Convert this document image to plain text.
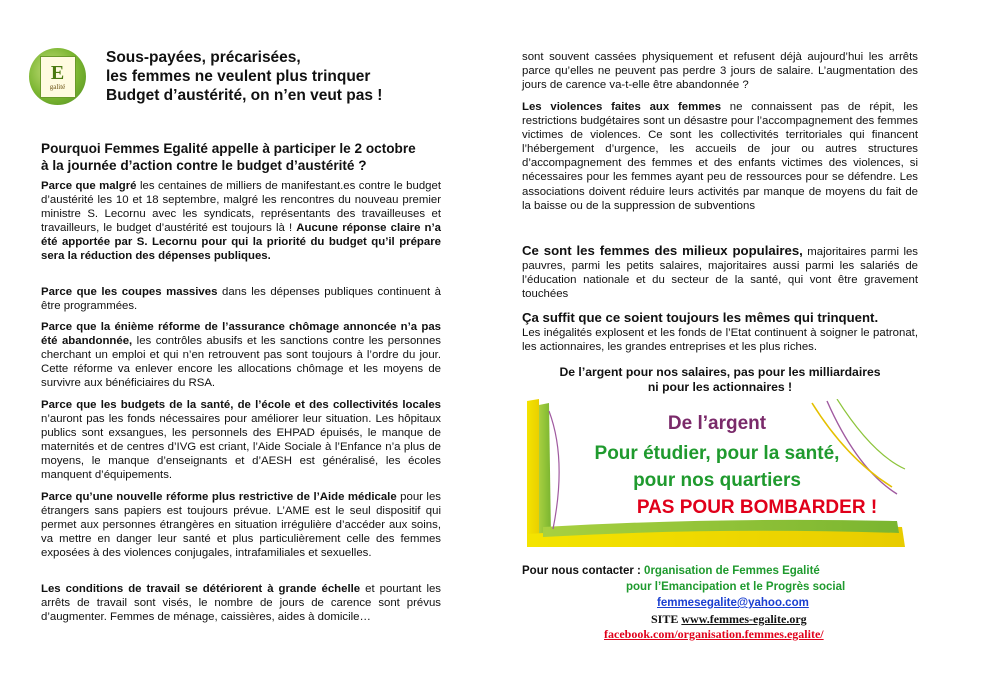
E
galité
Sous-payées, précarisées,
les femmes ne veulent plus trinquer
Budget d’austérité, on n’en veut pas !
Pourquoi Femmes Egalité appelle à participer le 2 octobre
à la journée d’action contre le budget d’austérité ?

Parce que malgré les centaines de milliers de manifestant.es contre le budget d’austérité les 10 et 18 septembre, malgré les rencontres du nouveau premier ministre S. Lecornu avec les syndicats, représentants des travailleuses et travailleurs, le budget d’austérité est toujours là ! Aucune réponse claire n’a été apportée par S. Lecornu pour qui la priorité du budget qu’il prépare sera la réduction des dépenses publiques.

Parce que les coupes massives dans les dépenses publiques continuent à être programmées.

Parce que la énième réforme de l’assurance chômage annoncée n’a pas été abandonnée, les contrôles abusifs et les sanctions contre les personnes cherchant un emploi et qui n’en retrouvent pas sont toujours à l’ordre du jour. Cette réforme va enlever encore les allocations chômage et les moyens de survivre aux bénéficiaires du RSA.

Parce que les budgets de la santé, de l’école et des collectivités locales n’auront pas les fonds nécessaires pour améliorer leur situation. Les hôpitaux publics sont exsangues, les personnels des EHPAD épuisés, le manque de maternités et de centres d’IVG est criant, l’Aide Sociale à l’Enfance n’a plus de moyens, le manque d’enseignants et d’AESH est généralisé, les écoles manquent d’équipements.

Parce qu’une nouvelle réforme plus restrictive de l’Aide médicale pour les étrangers sans papiers est toujours prévue. L’AME est le seul dispositif qui permet aux personnes étrangères en situation irrégulière d’accéder aux soins, va mettre en danger leur santé et plus particulièrement celle des femmes exposées à des violences conjugales, intrafamiliales et sexuelles.

Les conditions de travail se détériorent à grande échelle et pourtant les arrêts de travail sont visés, le nombre de jours de carence sont prévus d’augmenter. Femmes de ménage, caissières, aides à domicile…

sont souvent cassées physiquement et refusent déjà aujourd’hui les arrêts parce qu’elles ne peuvent pas perdre 3 jours de salaire. L’augmentation des jours de carence va-t-elle être abandonnée ?

Les violences faites aux femmes ne connaissent pas de répit, les restrictions budgétaires sont un désastre pour l’accompagnement des femmes victimes de violences. Ce sont les collectivités territoriales qui financent l’hébergement d’urgence, les accueils de jour ou autres structures d’accompagnement des femmes et des enfants victimes des violences, si nécessaires pour les femmes ayant peu de ressources pour se défendre. Les associations doivent réduire leurs activités par manque de moyens du fait de la baisse ou de la suppression de subventions

Ce sont les femmes des milieux populaires, majoritaires parmi les pauvres, parmi les petits salaires, majoritaires aussi parmi les salariés de l’éducation nationale et du secteur de la santé, qui vont être gravement touchées

Ça suffit que ce soient toujours les mêmes qui trinquent.
Les inégalités explosent et les fonds de l’Etat continuent à soigner le patronat, les actionnaires, les grandes entreprises et les plus riches.

De l’argent pour nos salaires, pas pour les milliardaires
ni pour les actionnaires !
De l’argent
Pour étudier, pour la santé,
pour nos quartiers
PAS POUR BOMBARDER !
Pour nous contacter : 0rganisation de Femmes Egalité
pour l’Emancipation et le Progrès social
femmesegalite@yahoo.com
SITE www.femmes-egalite.org
facebook.com/organisation.femmes.egalite/
